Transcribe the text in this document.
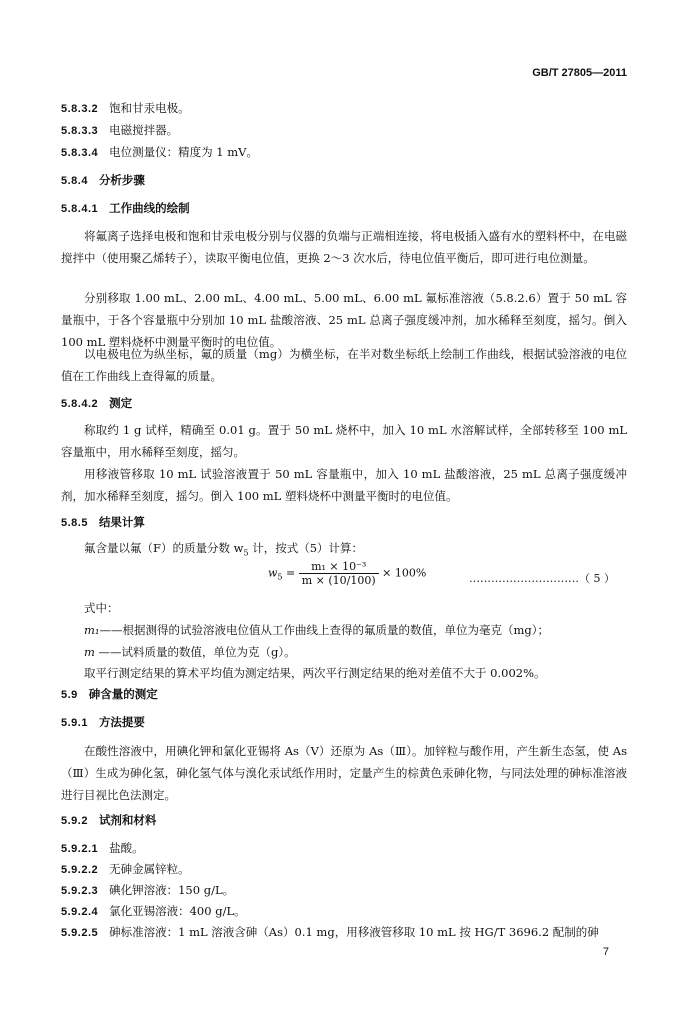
GB/T 27805—2011
5.8.3.2 饱和甘汞电极。
5.8.3.3 电磁搅拌器。
5.8.3.4 电位测量仪：精度为 1 mV。
5.8.4 分析步骤
5.8.4.1 工作曲线的绘制
将氟离子选择电极和饱和甘汞电极分别与仪器的负端与正端相连接，将电极插入盛有水的塑料杯中，在电磁搅拌中（使用聚乙烯转子），读取平衡电位值，更换 2～3 次水后，待电位值平衡后，即可进行电位测量。
分别移取 1.00 mL、2.00 mL、4.00 mL、5.00 mL、6.00 mL 氟标准溶液（5.8.2.6）置于 50 mL 容量瓶中，于各个容量瓶中分别加 10 mL 盐酸溶液、25 mL 总离子强度缓冲剂，加水稀释至刻度，摇匀。倒入 100 mL 塑料烧杯中测量平衡时的电位值。
以电极电位为纵坐标，氟的质量（mg）为横坐标，在半对数坐标纸上绘制工作曲线，根据试验溶液的电位值在工作曲线上查得氟的质量。
5.8.4.2 测定
称取约 1 g 试样，精确至 0.01 g。置于 50 mL 烧杯中，加入 10 mL 水溶解试样，全部转移至 100 mL 容量瓶中，用水稀释至刻度，摇匀。
用移液管移取 10 mL 试验溶液置于 50 mL 容量瓶中，加入 10 mL 盐酸溶液，25 mL 总离子强度缓冲剂，加水稀释至刻度，摇匀。倒入 100 mL 塑料烧杯中测量平衡时的电位值。
5.8.5 结果计算
氟含量以氟（F）的质量分数 $w_5$ 计，按式（5）计算：
$w_5 = \frac{\text{m₁ × 10⁻³}}{m \times (10/100)} \times 100\%$	…………………………（ 5 ）
式中：
m₁——根据测得的试验溶液电位值从工作曲线上查得的氟质量的数值，单位为毫克（mg）；
m ——试料质量的数值，单位为克（g）。
取平行测定结果的算术平均值为测定结果，两次平行测定结果的绝对差值不大于 0.002%。
5.9 砷含量的测定
5.9.1 方法提要
在酸性溶液中，用碘化钾和氯化亚锡将 As（Ⅴ）还原为 As（Ⅲ）。加锌粒与酸作用，产生新生态氢，使 As（Ⅲ）生成为砷化氢，砷化氢气体与溴化汞试纸作用时，定量产生的棕黄色汞砷化物，与同法处理的砷标准溶液进行目视比色法测定。
5.9.2 试剂和材料
5.9.2.1 盐酸。
5.9.2.2 无砷金属锌粒。
5.9.2.3 碘化钾溶液：150 g/L。
5.9.2.4 氯化亚锡溶液：400 g/L。
5.9.2.5 砷标准溶液：1 mL 溶液含砷（As）0.1 mg，用移液管移取 10 mL 按 HG/T 3696.2 配制的砷
7
